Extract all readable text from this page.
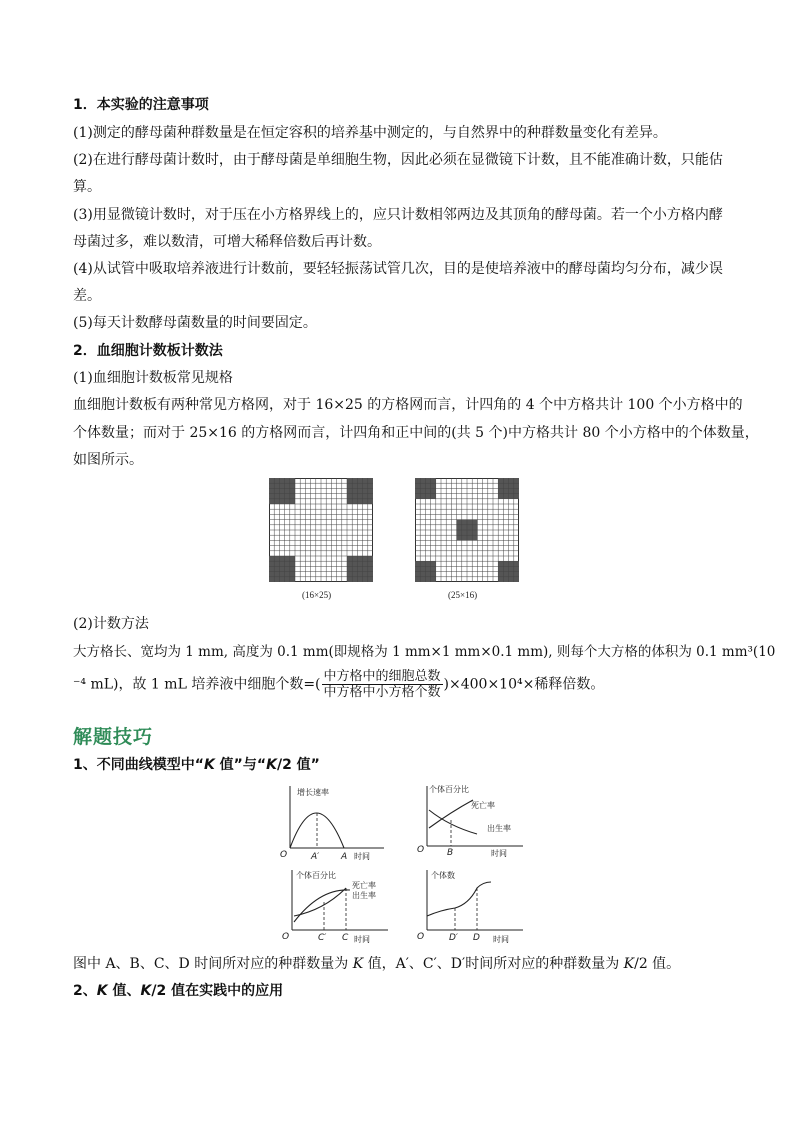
1．本实验的注意事项
(1)测定的酵母菌种群数量是在恒定容积的培养基中测定的，与自然界中的种群数量变化有差异。
(2)在进行酵母菌计数时，由于酵母菌是单细胞生物，因此必须在显微镜下计数，且不能准确计数，只能估
算。
(3)用显微镜计数时，对于压在小方格界线上的，应只计数相邻两边及其顶角的酵母菌。若一个小方格内酵
母菌过多，难以数清，可增大稀释倍数后再计数。
(4)从试管中吸取培养液进行计数前，要轻轻振荡试管几次，目的是使培养液中的酵母菌均匀分布，减少误
差。
(5)每天计数酵母菌数量的时间要固定。
2．血细胞计数板计数法
(1)血细胞计数板常见规格
血细胞计数板有两种常见方格网，对于 16×25 的方格网而言，计四角的 4 个中方格共计 100 个小方格中的
个体数量；而对于 25×16 的方格网而言，计四角和正中间的(共 5 个)中方格共计 80 个小方格中的个体数量，
如图所示。
(16×25)	(25×16)
(2)计数方法
大方格长、宽均为 1 mm, 高度为 0.1 mm(即规格为 1 mm×1 mm×0.1 mm), 则每个大方格的体积为 0.1 mm³(10
⁻⁴ mL)，故 1 mL 培养液中细胞个数=( $\frac{\text{中方格中的细胞总数}}{\text{中方格中小方格个数}} )\times 400\times 10^4\times$稀释倍数。
解题技巧
1、不同曲线模型中“K 值”与“K/2 值”
增长速率
O	A′ A 时间
个体百分比
死亡率
出生率
O	B	时间
个体百分比
死亡率
出生率
O	C′ C 时间
个体数
O	D′ D 时间
图中 A、B、C、D 时间所对应的种群数量为 K 值，A′、C′、D′时间所对应的种群数量为 K/2 值。
2、K 值、K/2 值在实践中的应用
